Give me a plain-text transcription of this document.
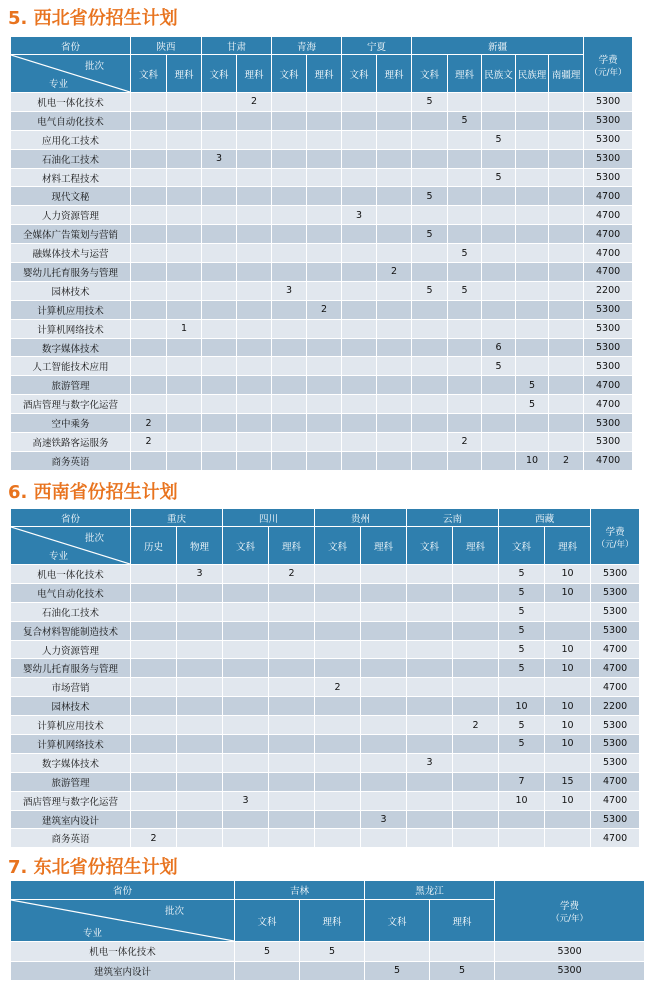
5. 西北省份招生计划
省份	陕西		甘肃		青海		宁夏		新疆					学费
（元/年）

批次
专业	文科	理科	文科	理科	文科	理科	文科	理科	文科	理科	民族文	民族理	南疆理	
机电一体化技术				2					5					5300
电气自动化技术										5				5300
应用化工技术											5			5300
石油化工技术			3											5300
材料工程技术											5			5300
现代文秘									5					4700
人力资源管理							3							4700
全媒体广告策划与营销									5					4700
融媒体技术与运营										5				4700
婴幼儿托育服务与管理								2						4700
园林技术					3				5	5				2200
计算机应用技术						2								5300
计算机网络技术		1												5300
数字媒体技术											6			5300
人工智能技术应用											5			5300
旅游管理												5		4700
酒店管理与数字化运营												5		4700
空中乘务	2													5300
高速铁路客运服务	2									2				5300
商务英语												10	2	4700
6. 西南省份招生计划
省份	重庆		四川		贵州		云南		西藏		学费
（元/年）

批次
专业	历史	物理	文科	理科	文科	理科	文科	理科	文科	理科	
机电一体化技术		3		2					5	10	5300
电气自动化技术									5	10	5300
石油化工技术									5		5300
复合材料智能制造技术									5		5300
人力资源管理									5	10	4700
婴幼儿托育服务与管理									5	10	4700
市场营销					2						4700
园林技术									10	10	2200
计算机应用技术								2	5	10	5300
计算机网络技术									5	10	5300
数字媒体技术							3				5300
旅游管理									7	15	4700
酒店管理与数字化运营			3						10	10	4700
建筑室内设计						3					5300
商务英语	2										4700
7. 东北省份招生计划
省份	吉林		黑龙江		学费
（元/年）

批次
专业	文科	理科	文科	理科	
机电一体化技术	5	5			5300
建筑室内设计			5	5	5300
